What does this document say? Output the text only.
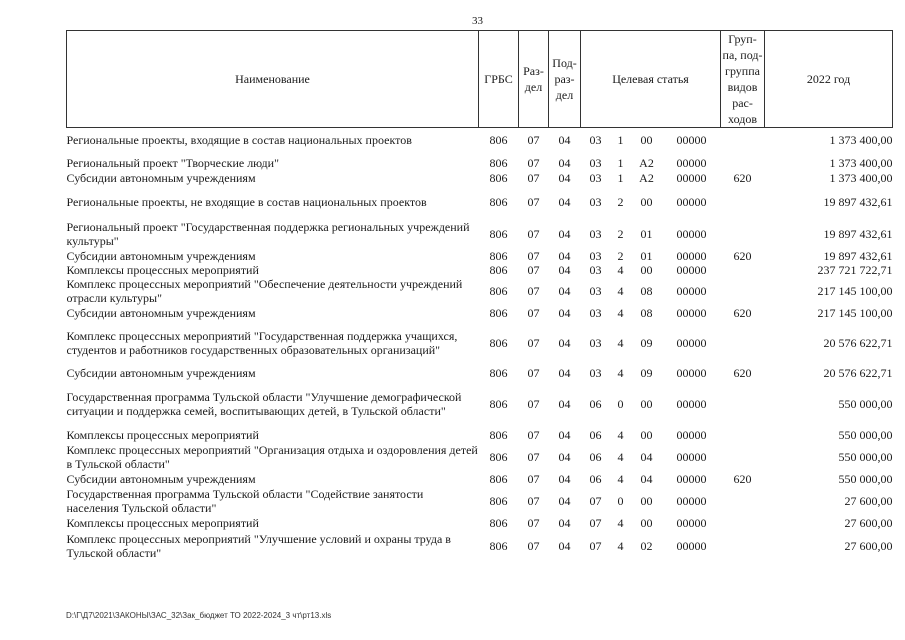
33
Наименование	ГРБС	Раз- дел	Под- раз- дел	Целевая статья				Груп- па, под- группа видов рас- ходов	2022 год
Региональные проекты, входящие в состав национальных проектов	806	07	04	03	1	00	00000		1 373 400,00

Региональный проект "Творческие люди"	806	07	04	03	1	A2	00000		1 373 400,00
Субсидии автономным учреждениям	806	07	04	03	1	A2	00000	620	1 373 400,00

Региональные проекты, не входящие в состав национальных проектов	806	07	04	03	2	00	00000		19 897 432,61

Региональный проект "Государственная поддержка региональных учреждений культуры"	806	07	04	03	2	01	00000		19 897 432,61
Субсидии автономным учреждениям	806	07	04	03	2	01	00000	620	19 897 432,61
Комплексы процессных мероприятий	806	07	04	03	4	00	00000		237 721 722,71
Комплекс процессных мероприятий "Обеспечение деятельности учреждений отрасли культуры"	806	07	04	03	4	08	00000		217 145 100,00
Субсидии автономным учреждениям	806	07	04	03	4	08	00000	620	217 145 100,00
Комплекс процессных мероприятий "Государственная поддержка учащихся, студентов и работников государственных образовательных организаций"	806	07	04	03	4	09	00000		20 576 622,71
Субсидии автономным учреждениям	806	07	04	03	4	09	00000	620	20 576 622,71
Государственная программа Тульской области "Улучшение демографической ситуации и поддержка семей, воспитывающих детей, в Тульской области"	806	07	04	06	0	00	00000		550 000,00
Комплексы процессных мероприятий	806	07	04	06	4	00	00000		550 000,00
Комплекс процессных мероприятий "Организация отдыха и оздоровления детей в Тульской области"	806	07	04	06	4	04	00000		550 000,00
Субсидии автономным учреждениям	806	07	04	06	4	04	00000	620	550 000,00
Государственная программа Тульской области "Содействие занятости населения Тульской области"	806	07	04	07	0	00	00000		27 600,00
Комплексы процессных мероприятий	806	07	04	07	4	00	00000		27 600,00
Комплекс процессных мероприятий "Улучшение условий и охраны труда в Тульской области"	806	07	04	07	4	02	00000		27 600,00
D:\Г\Д7\2021\ЗАКОНЫ\ЗАС_32\Зак_бюджет ТО 2022-2024_3 чт\рт13.xls
